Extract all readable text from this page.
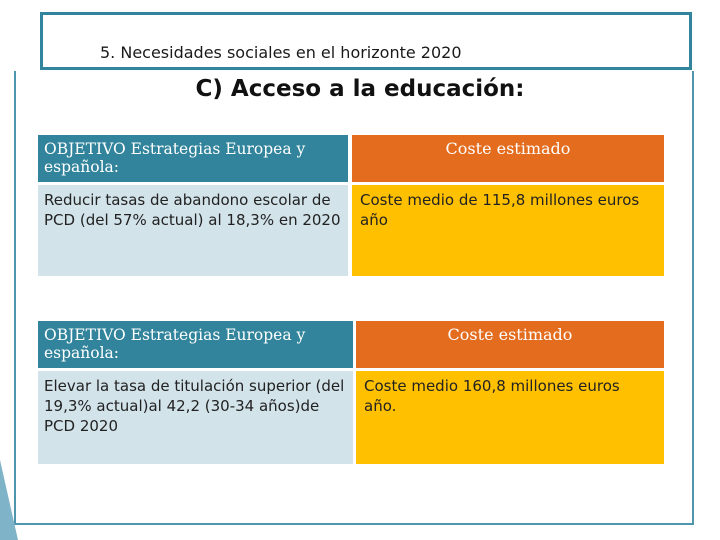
5. Necesidades sociales en el horizonte 2020
C) Acceso a la educación:
OBJETIVO Estrategias Europea y española:
Coste estimado
Reducir tasas de abandono escolar de PCD (del 57% actual) al 18,3% en 2020
Coste medio de 115,8 millones euros año
OBJETIVO Estrategias Europea y española:
Coste estimado
Elevar la tasa de titulación superior (del 19,3% actual)al 42,2 (30-34 años)de PCD 2020
Coste medio 160,8 millones euros año.
